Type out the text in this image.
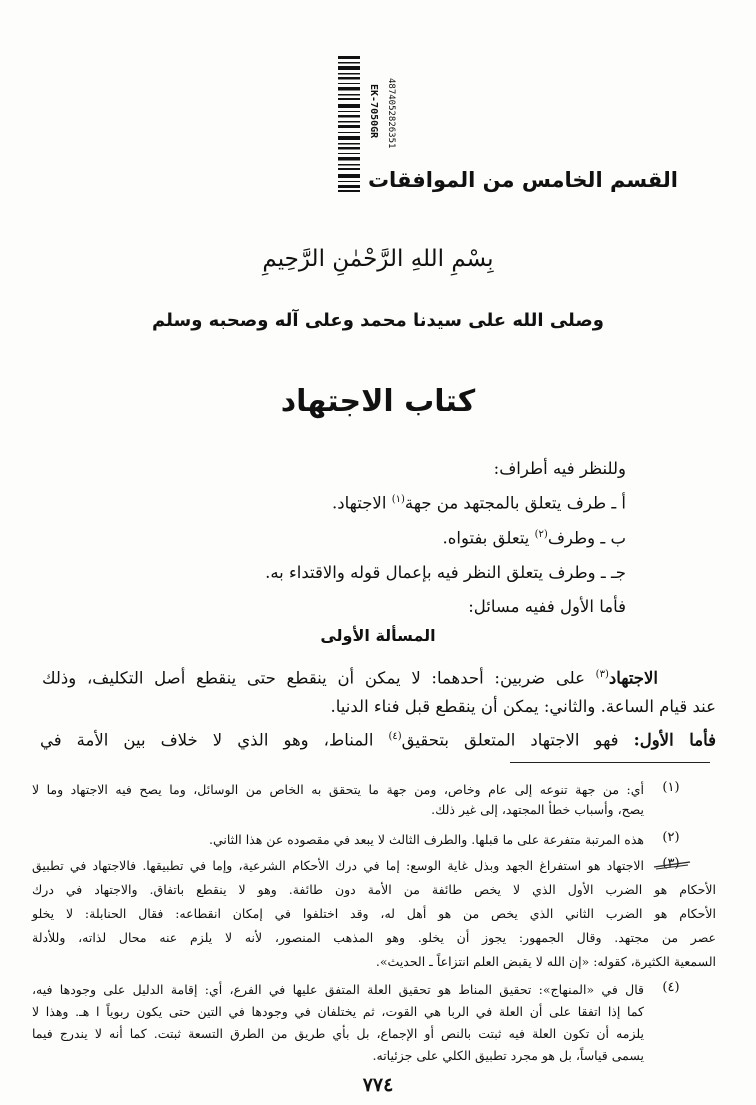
EK-7050GR 4874052826351
القسم الخامس من الموافقات
بِسْمِ اللهِ الرَّحْمٰنِ الرَّحِيمِ
وصلى الله على سيدنا محمد وعلى آله وصحبه وسلم
كتاب الاجتهاد
وللنظر فيه أطراف:
أ ـ طرف يتعلق بالمجتهد من جهة$^{(١)}$ الاجتهاد.
ب ـ وطرف$^{(٢)}$ يتعلق بفتواه.
جـ ـ وطرف يتعلق النظر فيه بإعمال قوله والاقتداء به.
فأما الأول ففيه مسائل:
المسألة الأولى
الاجتهاد$^{(٣)}$ على ضربين: أحدهما: لا يمكن أن ينقطع حتى ينقطع أصل التكليف، وذلك
عند قيام الساعة. والثاني: يمكن أن ينقطع قبل فناء الدنيا.
فأما الأول: فهو الاجتهاد المتعلق بتحقيق$^{(٤)}$ المناط، وهو الذي لا خلاف بين الأمة في
(١)
أي: من جهة تنوعه إلى عام وخاص، ومن جهة ما يتحقق به الخاص من الوسائل، وما يصح فيه الاجتهاد وما لا
يصح، وأسباب خطأ المجتهد، إلى غير ذلك.
(٢)
هذه المرتبة متفرعة على ما قبلها. والطرف الثالث لا يبعد في مقصوده عن هذا الثاني.
(٣)
الاجتهاد هو استفراغ الجهد وبذل غاية الوسع: إما في درك الأحكام الشرعية، وإما في تطبيقها. فالاجتهاد في تطبيق
الأحكام هو الضرب الأول الذي لا يخص طائفة من الأمة دون طائفة. وهو لا ينقطع باتفاق. والاجتهاد في درك
الأحكام هو الضرب الثاني الذي يخص من هو أهل له، وقد اختلفوا في إمكان انقطاعه: فقال الحنابلة: لا يخلو
عصر من مجتهد. وقال الجمهور: يجوز أن يخلو. وهو المذهب المنصور، لأنه لا يلزم عنه محال لذاته، وللأدلة
السمعية الكثيرة، كقوله: «إن الله لا يقبض العلم انتزاعاً ـ الحديث».
(٤)
قال في «المنهاج»: تحقيق المناط هو تحقيق العلة المتفق عليها في الفرع، أي: إقامة الدليل على وجودها فيه،
كما إذا اتفقا على أن العلة في الربا هي القوت، ثم يختلفان في وجودها في التين حتى يكون ربوياً ا هـ. وهذا لا
يلزمه أن تكون العلة فيه ثبتت بالنص أو الإجماع، بل بأي طريق من الطرق التسعة ثبتت. كما أنه لا يندرج فيما
يسمى قياساً، بل هو مجرد تطبيق الكلي على جزئياته.
٧٧٤
